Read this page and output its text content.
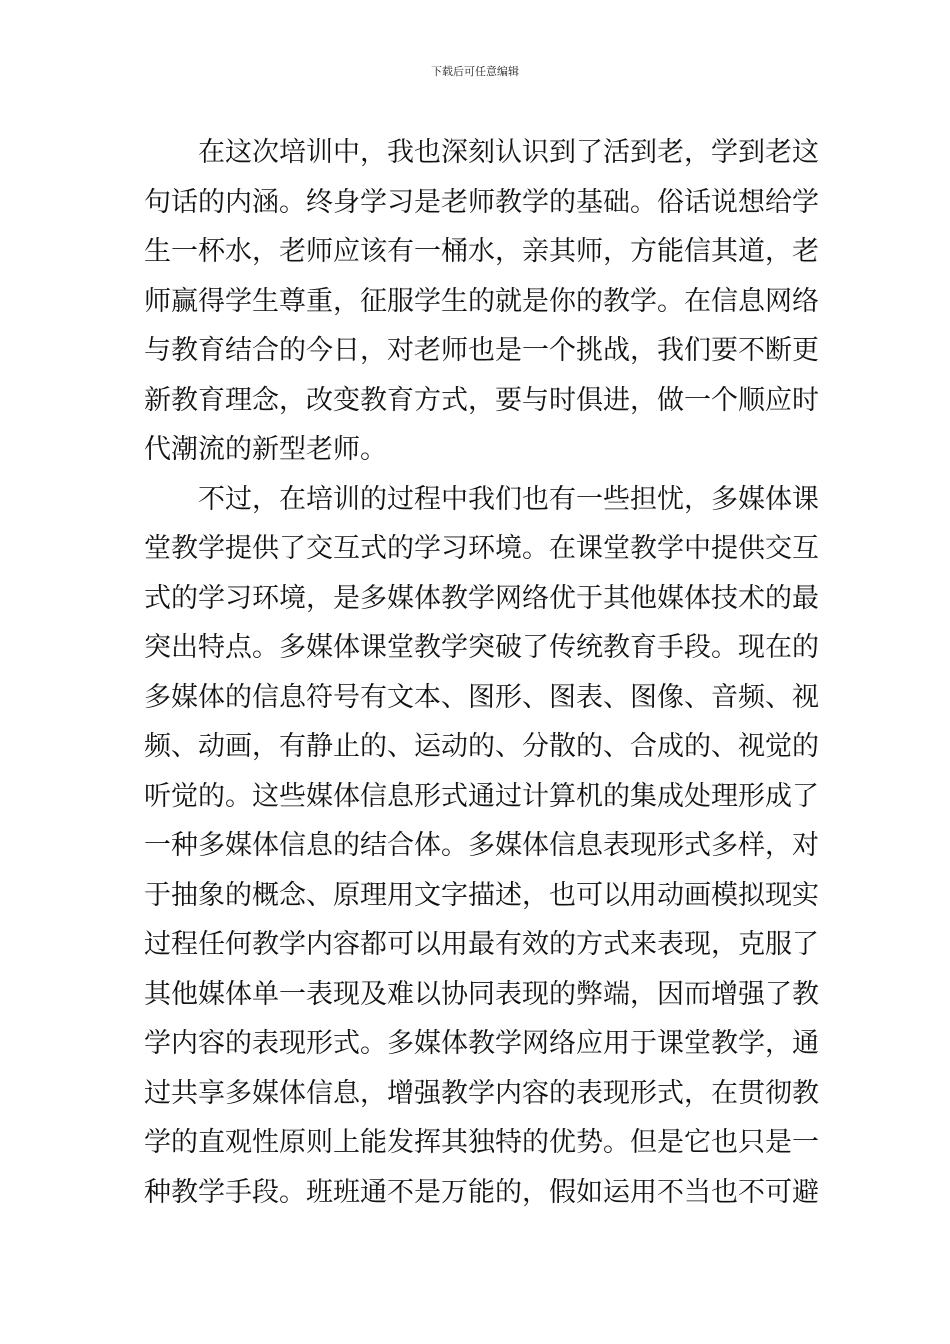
下载后可任意编辑
在这次培训中，我也深刻认识到了活到老，学到老这
句话的内涵。终身学习是老师教学的基础。俗话说想给学
生一杯水，老师应该有一桶水，亲其师，方能信其道，老
师赢得学生尊重，征服学生的就是你的教学。在信息网络
与教育结合的今日，对老师也是一个挑战，我们要不断更
新教育理念，改变教育方式，要与时俱进，做一个顺应时
代潮流的新型老师。
不过，在培训的过程中我们也有一些担忧，多媒体课
堂教学提供了交互式的学习环境。在课堂教学中提供交互
式的学习环境，是多媒体教学网络优于其他媒体技术的最
突出特点。多媒体课堂教学突破了传统教育手段。现在的
多媒体的信息符号有文本、图形、图表、图像、音频、视
频、动画，有静止的、运动的、分散的、合成的、视觉的
听觉的。这些媒体信息形式通过计算机的集成处理形成了
一种多媒体信息的结合体。多媒体信息表现形式多样，对
于抽象的概念、原理用文字描述，也可以用动画模拟现实
过程任何教学内容都可以用最有效的方式来表现，克服了
其他媒体单一表现及难以协同表现的弊端，因而增强了教
学内容的表现形式。多媒体教学网络应用于课堂教学，通
过共享多媒体信息，增强教学内容的表现形式，在贯彻教
学的直观性原则上能发挥其独特的优势。但是它也只是一
种教学手段。班班通不是万能的，假如运用不当也不可避
